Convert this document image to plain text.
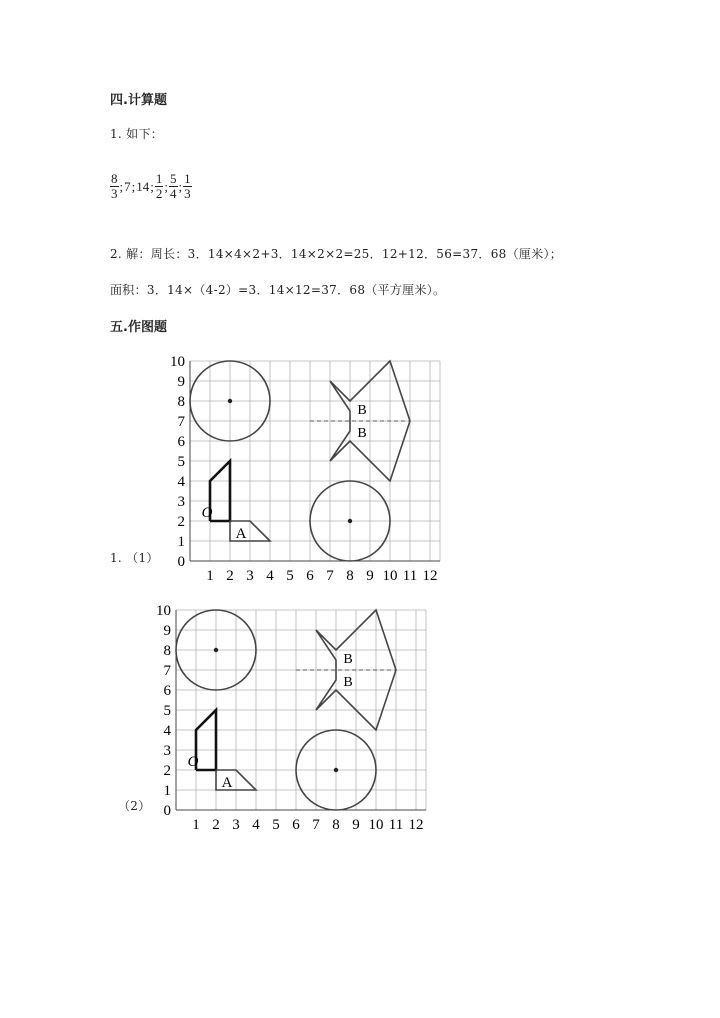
四.计算题
1. 如下：
8
3 ; 7 ; 14 ; 1
2 ; 5
4 ; 1
3
2. 解：周长：3．14×4×2+3．14×2×2=25．12+12．56=37．68（厘米）；
面积：3．14×（4-2）=3．14×12=37．68（平方厘米）。
五.作图题
1. （1）
（2）
10
9
8
7
6
5
4
3
2
1
0
1 2 3 4 5 6 7 8 9 10 11 12
O
A
B
B
10
9
8
7
6
5
4
3
2
1
0
1 2 3 4 5 6 7 8 9 10 11 12
O
A
B
B
